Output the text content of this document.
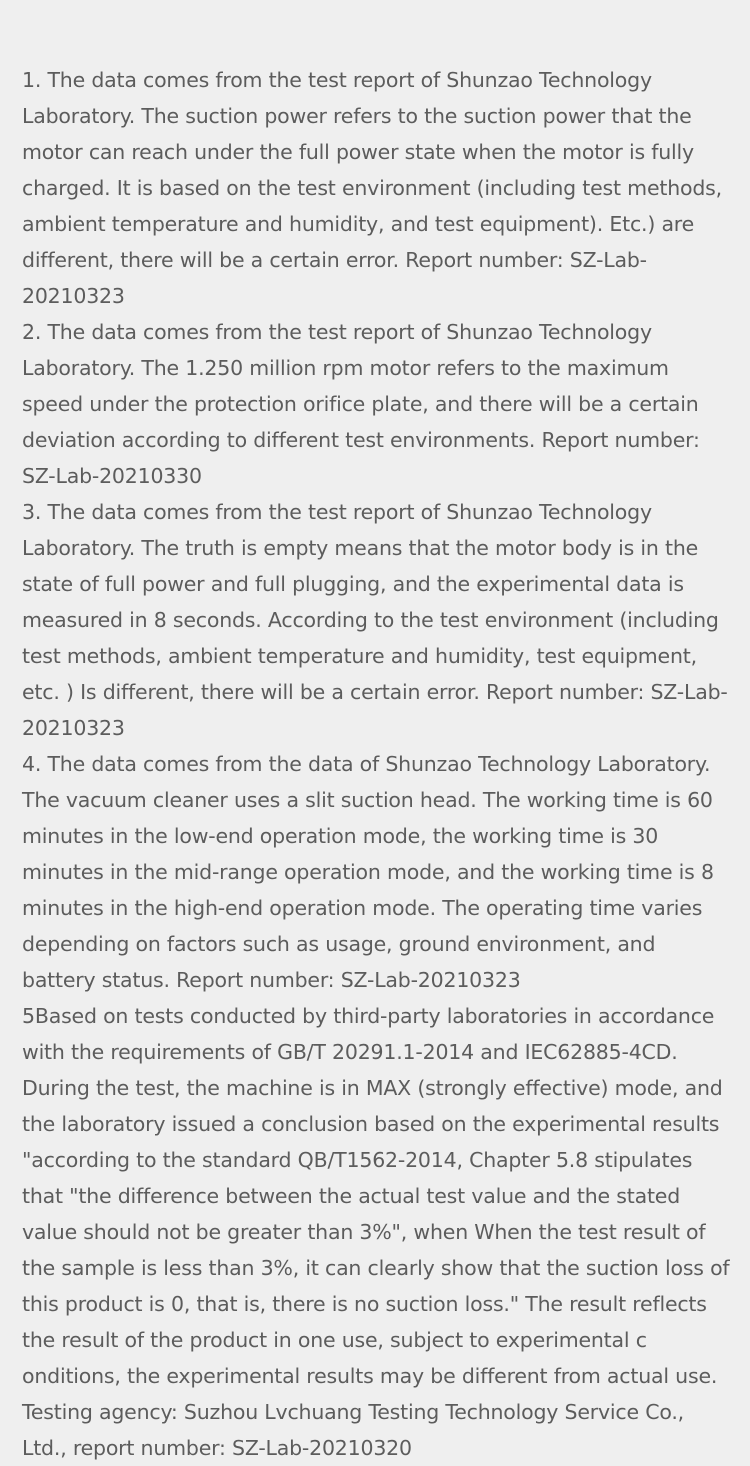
1. The data comes from the test report of Shunzao Technology Laboratory. The suction power refers to the suction power that the motor can reach under the full power state when the motor is fully charged. It is based on the test environment (including test methods, ambient temperature and humidity, and test equipment). Etc.) are different, there will be a certain error. Report number: SZ-Lab-20210323

2. The data comes from the test report of Shunzao Technology Laboratory. The 1.250 million rpm motor refers to the maximum speed under the protection orifice plate, and there will be a certain deviation according to different test environments. Report number: SZ-Lab-20210330

3. The data comes from the test report of Shunzao Technology Laboratory. The truth is empty means that the motor body is in the state of full power and full plugging, and the experimental data is measured in 8 seconds. According to the test environment (including test methods, ambient temperature and humidity, test equipment, etc. ) Is different, there will be a certain error. Report number: SZ-Lab-20210323

4. The data comes from the data of Shunzao Technology Laboratory. The vacuum cleaner uses a slit suction head. The working time is 60 minutes in the low-end operation mode, the working time is 30 minutes in the mid-range operation mode, and the working time is 8 minutes in the high-end operation mode. The operating time varies depending on factors such as usage, ground environment, and battery status. Report number: SZ-Lab-20210323

5Based on tests conducted by third-party laboratories in accordance with the requirements of GB/T 20291.1-2014 and IEC62885-4CD. During the test, the machine is in MAX (strongly effective) mode, and the laboratory issued a conclusion based on the experimental results "according to the standard QB/T1562-2014, Chapter 5.8 stipulates that "the difference between the actual test value and the stated value should not be greater than 3%", when When the test result of the sample is less than 3%, it can clearly show that the suction loss of this product is 0, that is, there is no suction loss." The result reflects the result of the product in one use, subject to experimental c onditions, the experimental results may be different from actual use. Testing agency: Suzhou Lvchuang Testing Technology Service Co., Ltd., report number: SZ-Lab-20210320
